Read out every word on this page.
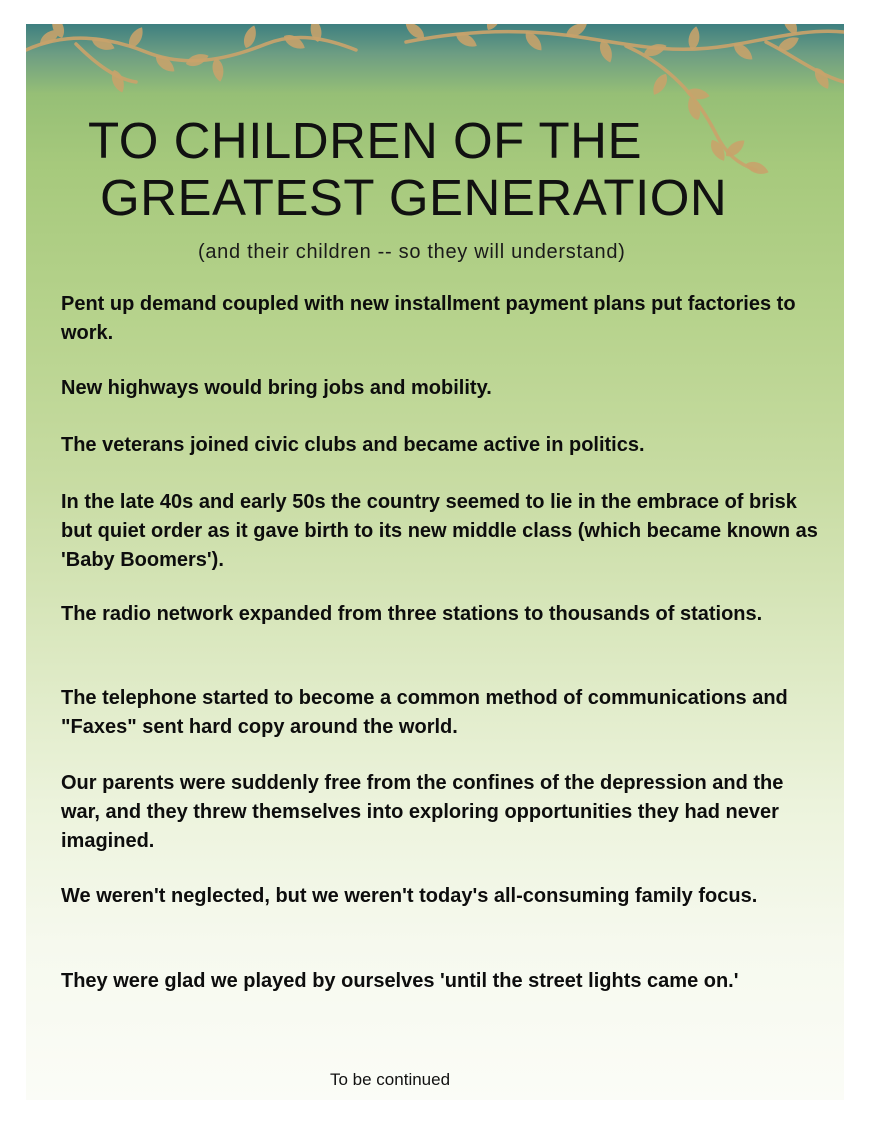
TO CHILDREN OF THE
GREATEST GENERATION

(and their children -- so they will understand)

Pent up demand coupled with new installment payment plans put factories to work.

New highways would bring jobs and mobility.

The veterans joined civic clubs and became active in politics.

In the late 40s and early 50s the country seemed to lie in the embrace of brisk but quiet order as it gave birth to its new middle class (which became known as 'Baby Boomers').

The radio network expanded from three stations to thousands of stations.

The telephone started to become a common method of communications and "Faxes" sent hard copy around the world.

Our parents were suddenly free from the confines of the depression and the war, and they threw themselves into exploring opportunities they had never imagined.

We weren't neglected, but we weren't today's all-consuming family focus.

They were glad we played by ourselves 'until the street lights came on.'

To be continued
